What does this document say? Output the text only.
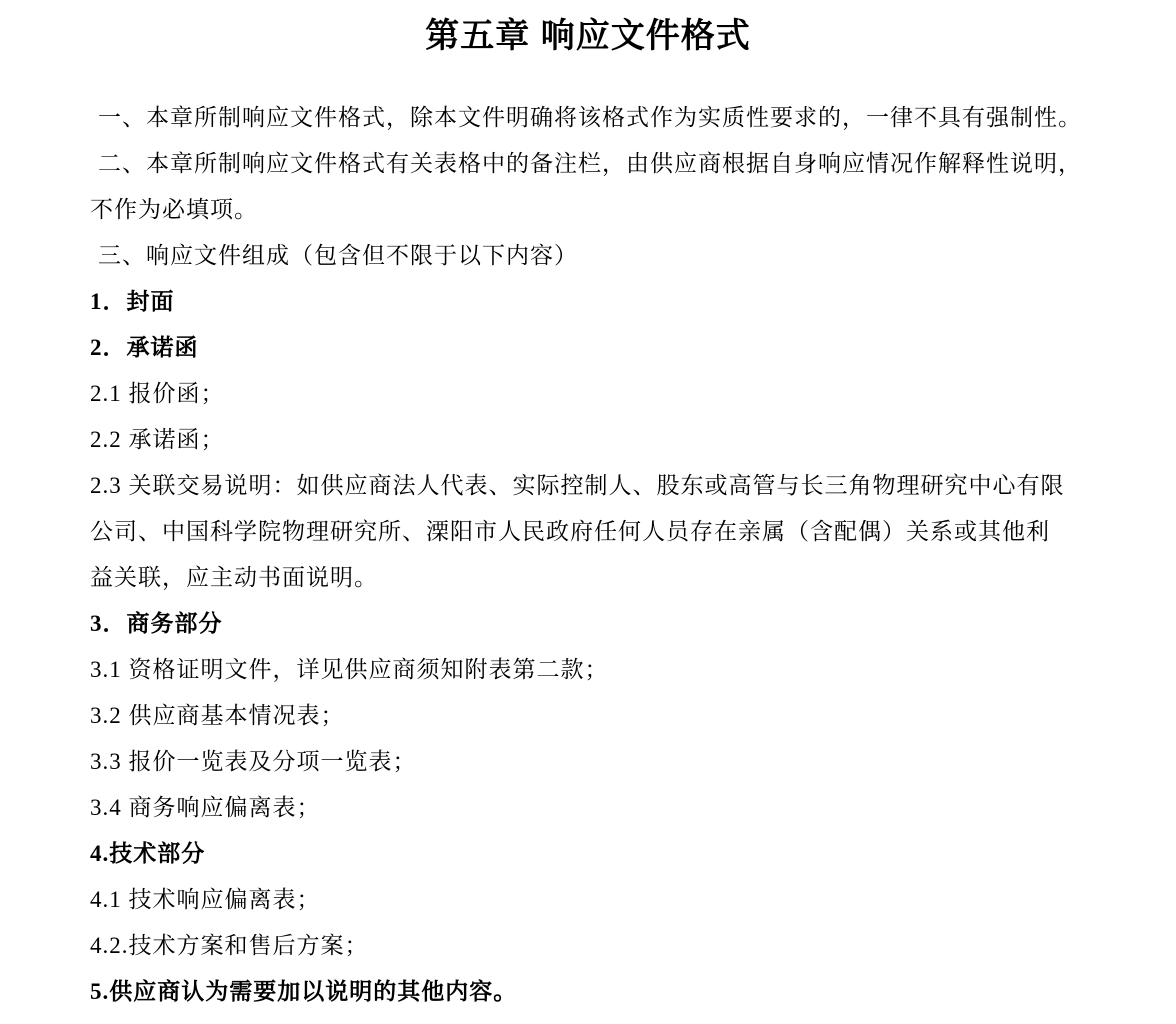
第五章 响应文件格式
一、本章所制响应文件格式，除本文件明确将该格式作为实质性要求的，一律不具有强制性。
二、本章所制响应文件格式有关表格中的备注栏，由供应商根据自身响应情况作解释性说明，
不作为必填项。
三、响应文件组成（包含但不限于以下内容）
1．封面
2．承诺函
2.1 报价函；
2.2 承诺函；
2.3 关联交易说明：如供应商法人代表、实际控制人、股东或高管与长三角物理研究中心有限
公司、中国科学院物理研究所、溧阳市人民政府任何人员存在亲属（含配偶）关系或其他利
益关联，应主动书面说明。
3．商务部分
3.1 资格证明文件，详见供应商须知附表第二款；
3.2 供应商基本情况表；
3.3 报价一览表及分项一览表；
3.4 商务响应偏离表；
4.技术部分
4.1 技术响应偏离表；
4.2.技术方案和售后方案；
5.供应商认为需要加以说明的其他内容。
